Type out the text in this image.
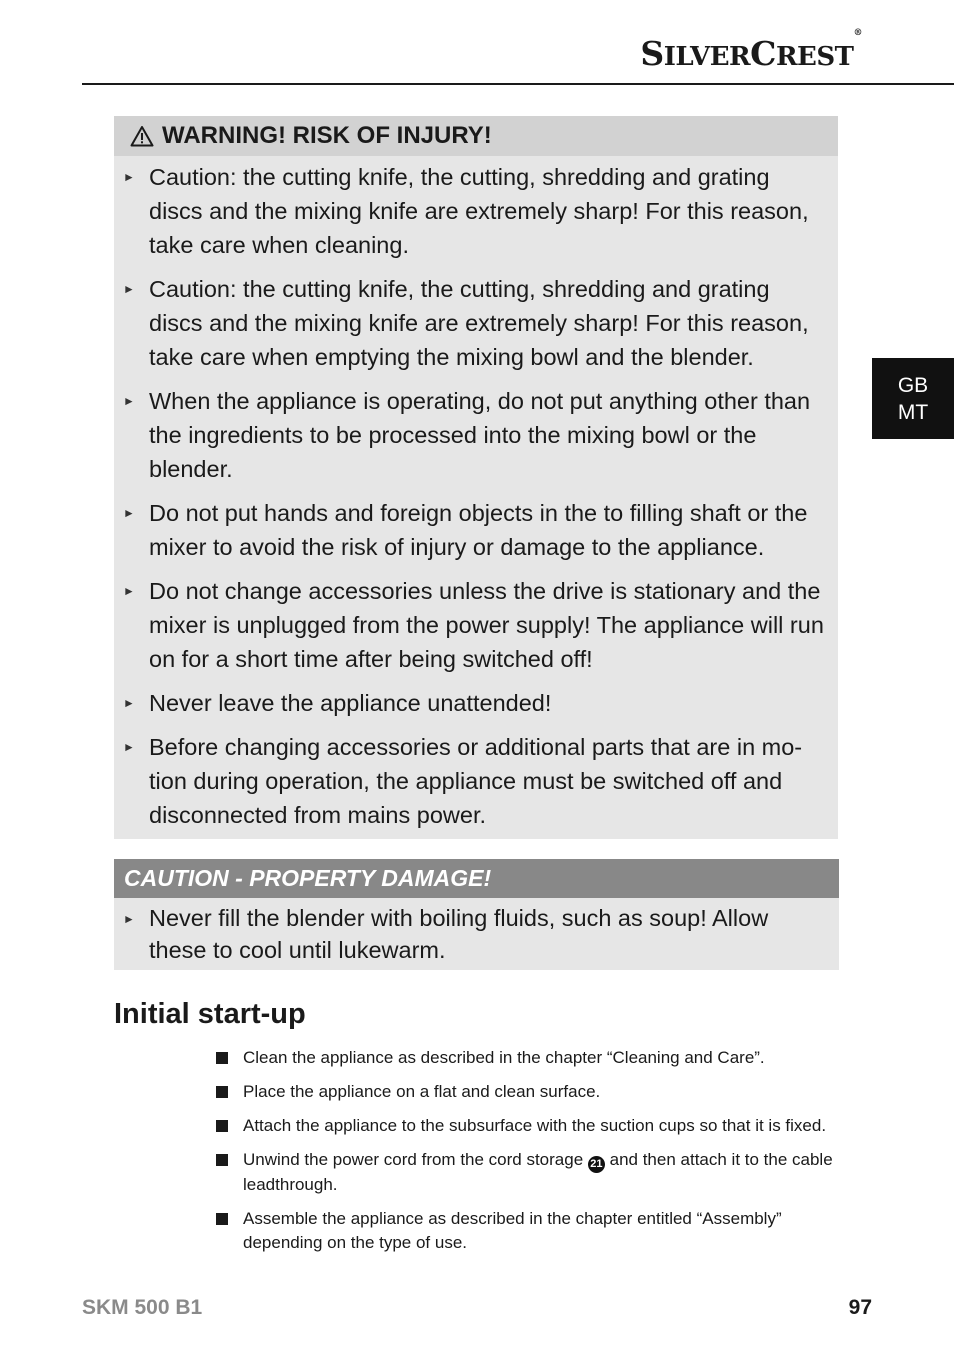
SILVERCREST®
GB
MT
WARNING! RISK OF INJURY!
► Caution: the cutting knife, the cutting, shredding and grating discs and the mixing knife are extremely sharp! For this reason, take care when cleaning.
► Caution: the cutting knife, the cutting, shredding and grating discs and the mixing knife are extremely sharp! For this reason, take care when emptying the mixing bowl and the blender.
► When the appliance is operating, do not put anything other than the ingredients to be processed into the mixing bowl or the blender.
► Do not put hands and foreign objects in the to filling shaft or the mixer to avoid the risk of injury or damage to the appliance.
► Do not change accessories unless the drive is stationary and the mixer is unplugged from the power supply! The appliance will run on for a short time after being switched off!
► Never leave the appliance unattended!
► Before changing accessories or additional parts that are in mo-tion during operation, the appliance must be switched off and disconnected from mains power.
CAUTION - PROPERTY DAMAGE!
► Never fill the blender with boiling fluids, such as soup! Allow these to cool until lukewarm.
Initial start-up
Clean the appliance as described in the chapter “Cleaning and Care”.
Place the appliance on a flat and clean surface.
Attach the appliance to the subsurface with the suction cups so that it is fixed.
Unwind the power cord from the cord storage 21 and then attach it to the cable leadthrough.
Assemble the appliance as described in the chapter entitled “Assembly” depending on the type of use.
SKM 500 B1	97
